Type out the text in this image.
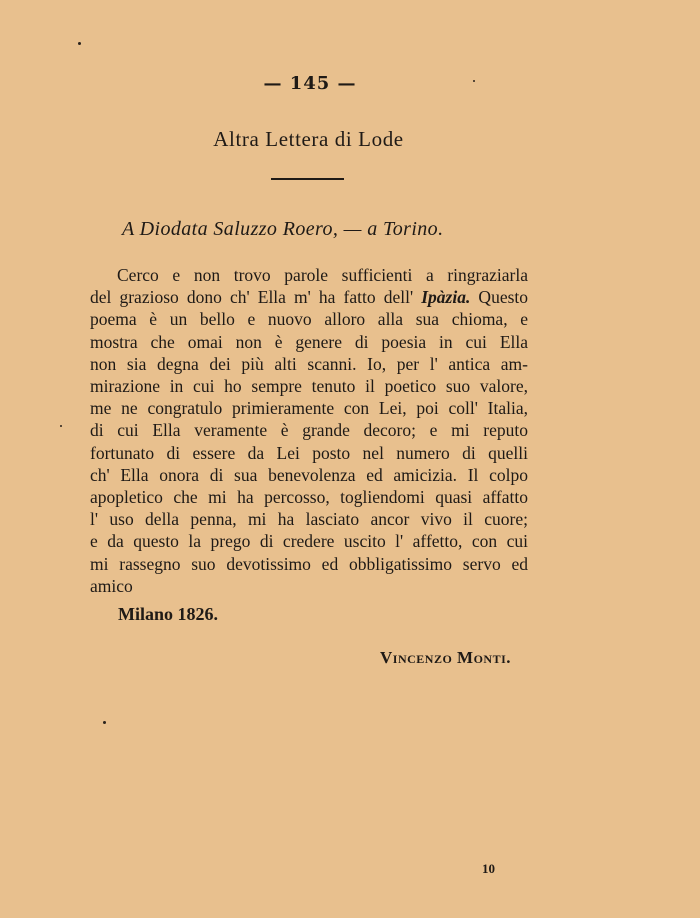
— 145 —
Altra Lettera di Lode
A Diodata Saluzzo Roero, — a Torino.
Cerco e non trovo parole sufficienti a ringraziarla
del grazioso dono ch' Ella m' ha fatto dell' Ipàzia. Questo
poema è un bello e nuovo alloro alla sua chioma, e
mostra che omai non è genere di poesia in cui Ella
non sia degna dei più alti scanni. Io, per l' antica am-
mirazione in cui ho sempre tenuto il poetico suo valore,
me ne congratulo primieramente con Lei, poi coll' Italia,
di cui Ella veramente è grande decoro; e mi reputo
fortunato di essere da Lei posto nel numero di quelli
ch' Ella onora di sua benevolenza ed amicizia. Il colpo
apopletico che mi ha percosso, togliendomi quasi affatto
l' uso della penna, mi ha lasciato ancor vivo il cuore;
e da questo la prego di credere uscito l' affetto, con cui
mi rassegno suo devotissimo ed obbligatissimo servo ed
amico
Milano 1826.
Vincenzo Monti.
10
